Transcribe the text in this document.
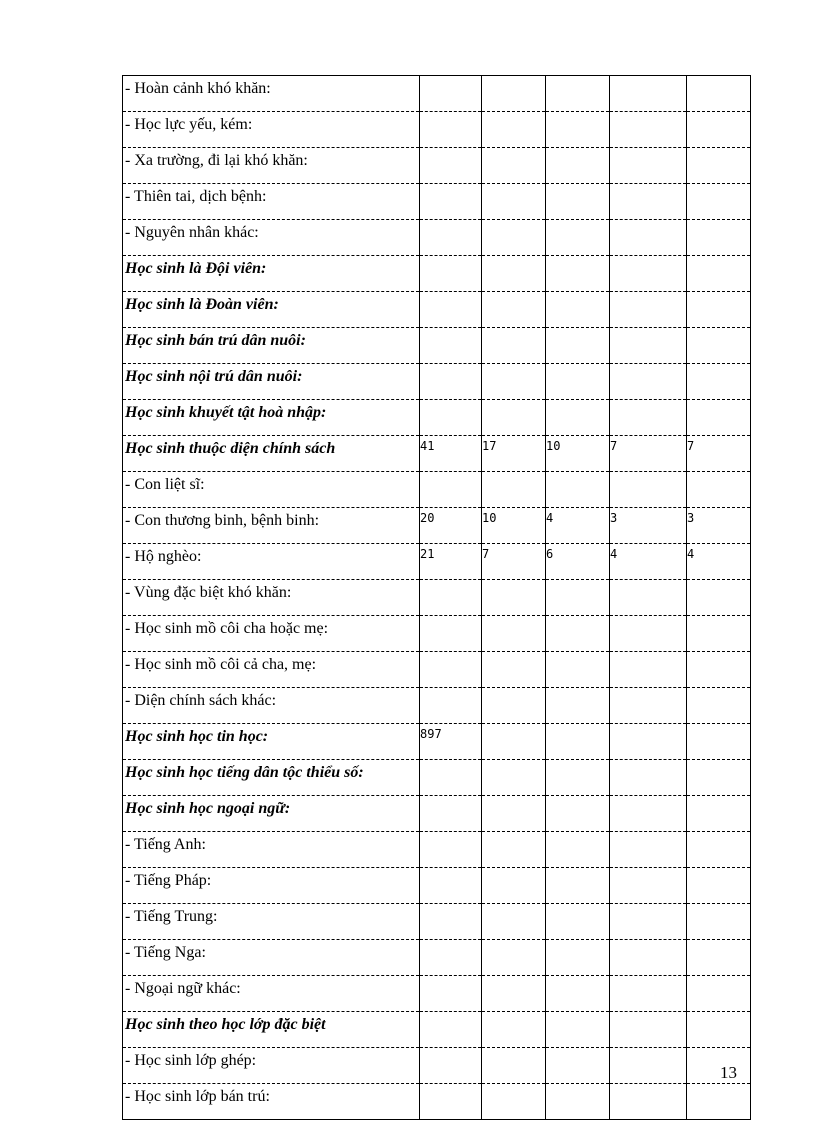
- Hoàn cảnh khó khăn:					
- Học lực yếu, kém:					
- Xa trường, đi lại khó khăn:					
- Thiên tai, dịch bệnh:					
- Nguyên nhân khác:					
Học sinh là Đội viên:					
Học sinh là Đoàn viên:					
Học sinh bán trú dân nuôi:					
Học sinh nội trú dân nuôi:					
Học sinh khuyết tật hoà nhập:					
Học sinh thuộc diện chính sách	41	17	10	7	7
- Con liệt sĩ:					
- Con thương binh, bệnh binh:	20	10	4	3	3
- Hộ nghèo:	21	7	6	4	4
- Vùng đặc biệt khó khăn:					
- Học sinh mồ côi cha hoặc mẹ:					
- Học sinh mồ côi cả cha, mẹ:					
- Diện chính sách khác:					
Học sinh học tin học:	897				
Học sinh học tiếng dân tộc thiểu số:					
Học sinh học ngoại ngữ:					
- Tiếng Anh:					
- Tiếng Pháp:					
- Tiếng Trung:					
- Tiếng Nga:					
- Ngoại ngữ khác:					
Học sinh theo học lớp đặc biệt					
- Học sinh lớp ghép:					
- Học sinh lớp bán trú:					
13
